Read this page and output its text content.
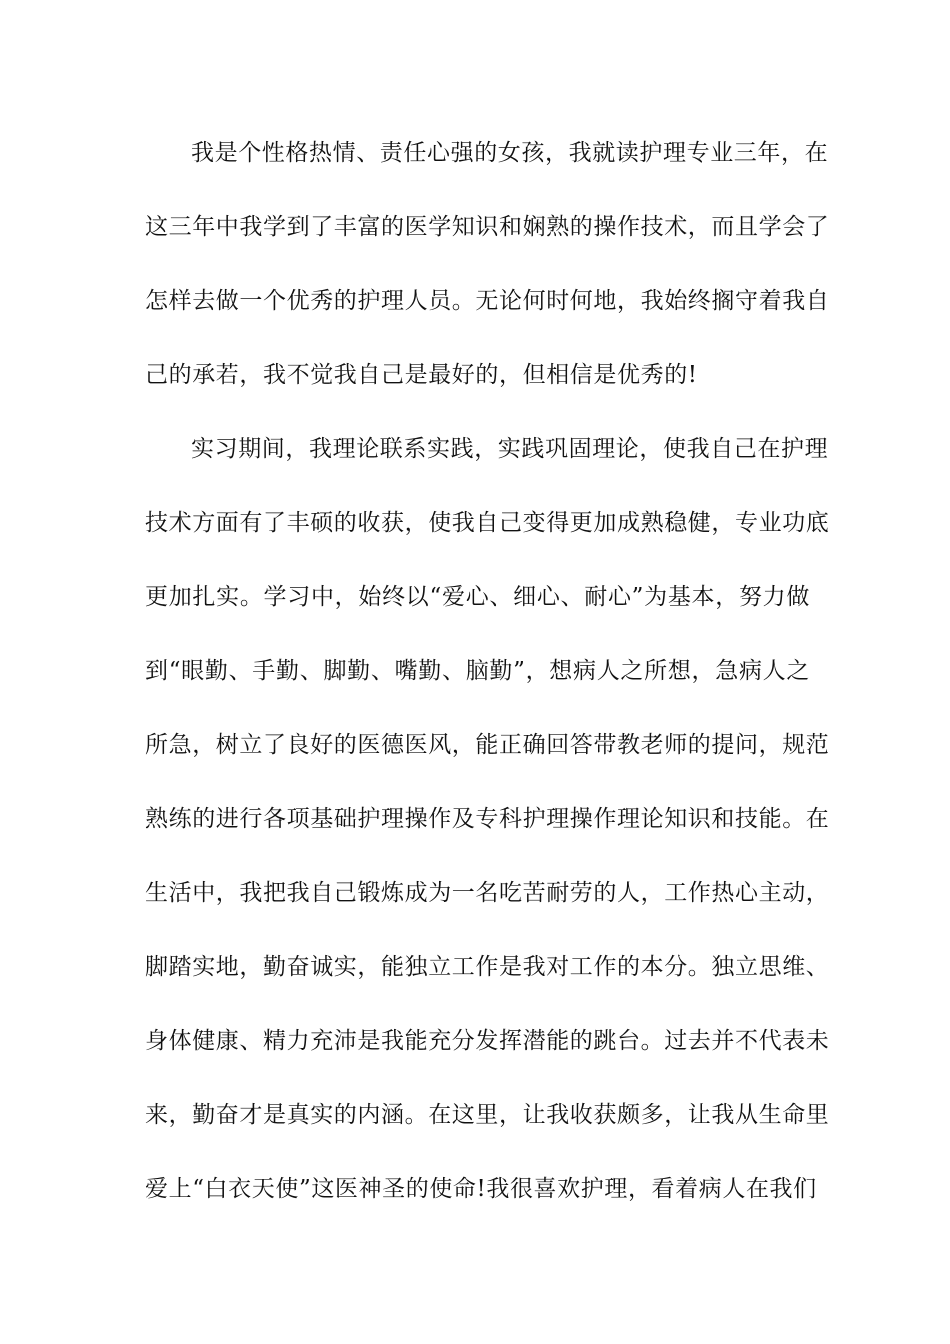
我是个性格热情、责任心强的女孩，我就读护理专业三年，在
这三年中我学到了丰富的医学知识和娴熟的操作技术，而且学会了
怎样去做一个优秀的护理人员。无论何时何地，我始终搁守着我自
己的承若，我不觉我自己是最好的，但相信是优秀的!
实习期间，我理论联系实践，实践巩固理论，使我自己在护理
技术方面有了丰硕的收获，使我自己变得更加成熟稳健，专业功底
更加扎实。学习中，始终以“爱心、细心、耐心”为基本，努力做
到“眼勤、手勤、脚勤、嘴勤、脑勤”，想病人之所想，急病人之
所急，树立了良好的医德医风，能正确回答带教老师的提问，规范
熟练的进行各项基础护理操作及专科护理操作理论知识和技能。在
生活中，我把我自己锻炼成为一名吃苦耐劳的人，工作热心主动，
脚踏实地，勤奋诚实，能独立工作是我对工作的本分。独立思维、
身体健康、精力充沛是我能充分发挥潜能的跳台。过去并不代表未
来，勤奋才是真实的内涵。在这里，让我收获颇多，让我从生命里
爱上“白衣天使”这医神圣的使命!我很喜欢护理，看着病人在我们
